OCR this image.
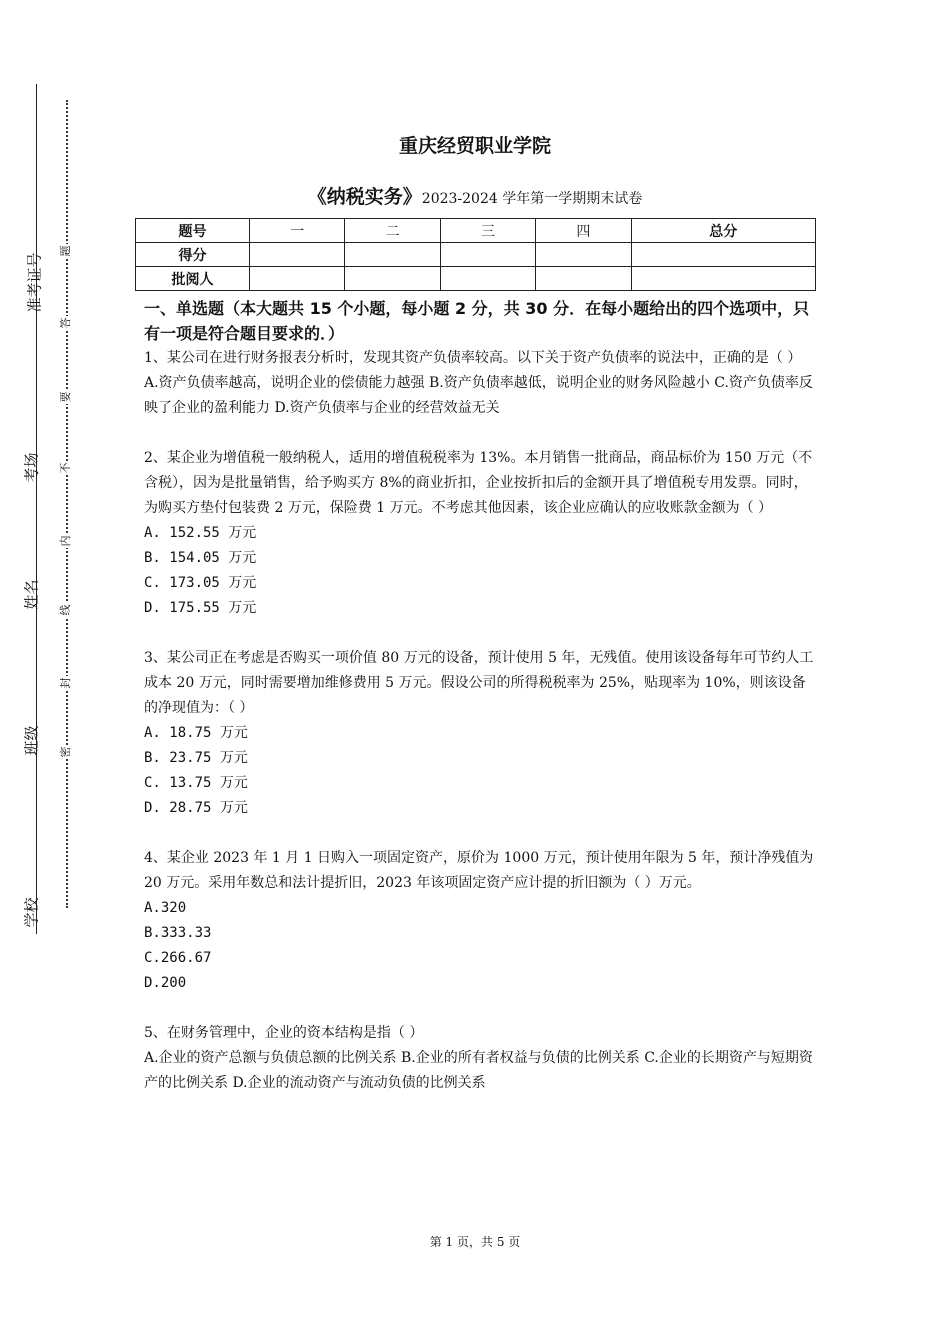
准考证号
考场
姓名
班级
学校
题
答
要
不
内
线
封
密
重庆经贸职业学院
《纳税实务》2023-2024 学年第一学期期末试卷
题号	一	二	三	四	总分
得分					
批阅人					
一、单选题（本大题共 15 个小题，每小题 2 分，共 30 分．在每小题给出的四个选项中，只有一项是符合题目要求的．）

1、某公司在进行财务报表分析时，发现其资产负债率较高。以下关于资产负债率的说法中，正确的是（ ）

A.资产负债率越高，说明企业的偿债能力越强 B.资产负债率越低，说明企业的财务风险越小 C.资产负债率反映了企业的盈利能力 D.资产负债率与企业的经营效益无关

2、某企业为增值税一般纳税人，适用的增值税税率为 13%。本月销售一批商品，商品标价为 150 万元（不含税），因为是批量销售，给予购买方 8%的商业折扣，企业按折扣后的金额开具了增值税专用发票。同时，为购买方垫付包装费 2 万元，保险费 1 万元。不考虑其他因素，该企业应确认的应收账款金额为（ ）

A. 152.55 万元

B. 154.05 万元

C. 173.05 万元

D. 175.55 万元

3、某公司正在考虑是否购买一项价值 80 万元的设备，预计使用 5 年，无残值。使用该设备每年可节约人工成本 20 万元，同时需要增加维修费用 5 万元。假设公司的所得税税率为 25%，贴现率为 10%，则该设备的净现值为：（ ）

A. 18.75 万元

B. 23.75 万元

C. 13.75 万元

D. 28.75 万元

4、某企业 2023 年 1 月 1 日购入一项固定资产，原价为 1000 万元，预计使用年限为 5 年，预计净残值为 20 万元。采用年数总和法计提折旧，2023 年该项固定资产应计提的折旧额为（ ）万元。

A.320

B.333.33

C.266.67

D.200

5、在财务管理中，企业的资本结构是指（ ）

A.企业的资产总额与负债总额的比例关系 B.企业的所有者权益与负债的比例关系 C.企业的长期资产与短期资产的比例关系 D.企业的流动资产与流动负债的比例关系

第 1 页，共 5 页
